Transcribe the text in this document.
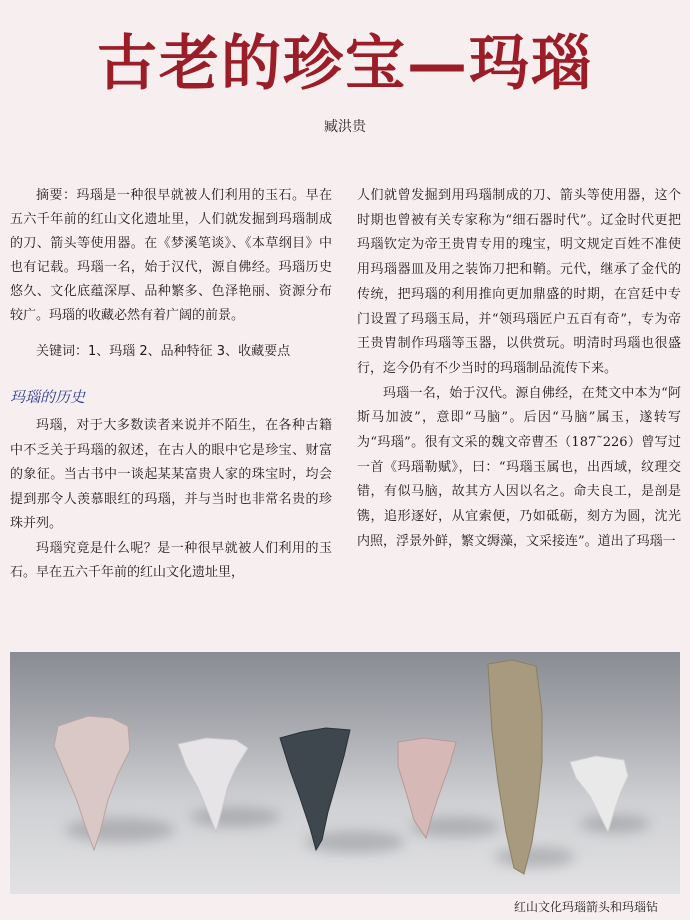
古老的珍宝—玛瑙
臧洪贵

摘要：玛瑙是一种很早就被人们利用的玉石。早在五六千年前的红山文化遗址里，人们就发掘到玛瑙制成的刀、箭头等使用器。在《梦溪笔谈》、《本草纲目》中也有记载。玛瑙一名，始于汉代，源自佛经。玛瑙历史悠久、文化底蕴深厚、品种繁多、色泽艳丽、资源分布较广。玛瑙的收藏必然有着广阔的前景。

关键词：1、玛瑙 2、品种特征 3、收藏要点

玛瑙的历史

玛瑙，对于大多数读者来说并不陌生，在各种古籍中不乏关于玛瑙的叙述，在古人的眼中它是珍宝、财富的象征。当古书中一谈起某某富贵人家的珠宝时，均会提到那令人羡慕眼红的玛瑙，并与当时也非常名贵的珍珠并列。

玛瑙究竟是什么呢？是一种很早就被人们利用的玉石。早在五六千年前的红山文化遗址里，

人们就曾发掘到用玛瑙制成的刀、箭头等使用器，这个时期也曾被有关专家称为“细石器时代”。辽金时代更把玛瑙钦定为帝王贵胄专用的瑰宝，明文规定百姓不准使用玛瑙器皿及用之装饰刀把和鞘。元代，继承了金代的传统，把玛瑙的利用推向更加鼎盛的时期，在宫廷中专门设置了玛瑙玉局，并“领玛瑙匠户五百有奇”，专为帝王贵胄制作玛瑙等玉器，以供赏玩。明清时玛瑙也很盛行，迄今仍有不少当时的玛瑙制品流传下来。

玛瑙一名，始于汉代。源自佛经，在梵文中本为“阿斯马加波”，意即“马脑”。后因“马脑”属玉，遂转写为“玛瑙”。很有文采的魏文帝曹丕（187˜226）曾写过一首《玛瑙勒赋》，曰：“玛瑙玉属也，出西域，纹理交错，有似马脑，故其方人因以名之。命夫良工，是剖是镌，追形逐好，从宜索便，乃如砥砺，刻方为圆，沈光内照，浮景外鲜，繁文缛藻，文采接连”。道出了玛瑙一

红山文化玛瑙箭头和玛瑙钻
